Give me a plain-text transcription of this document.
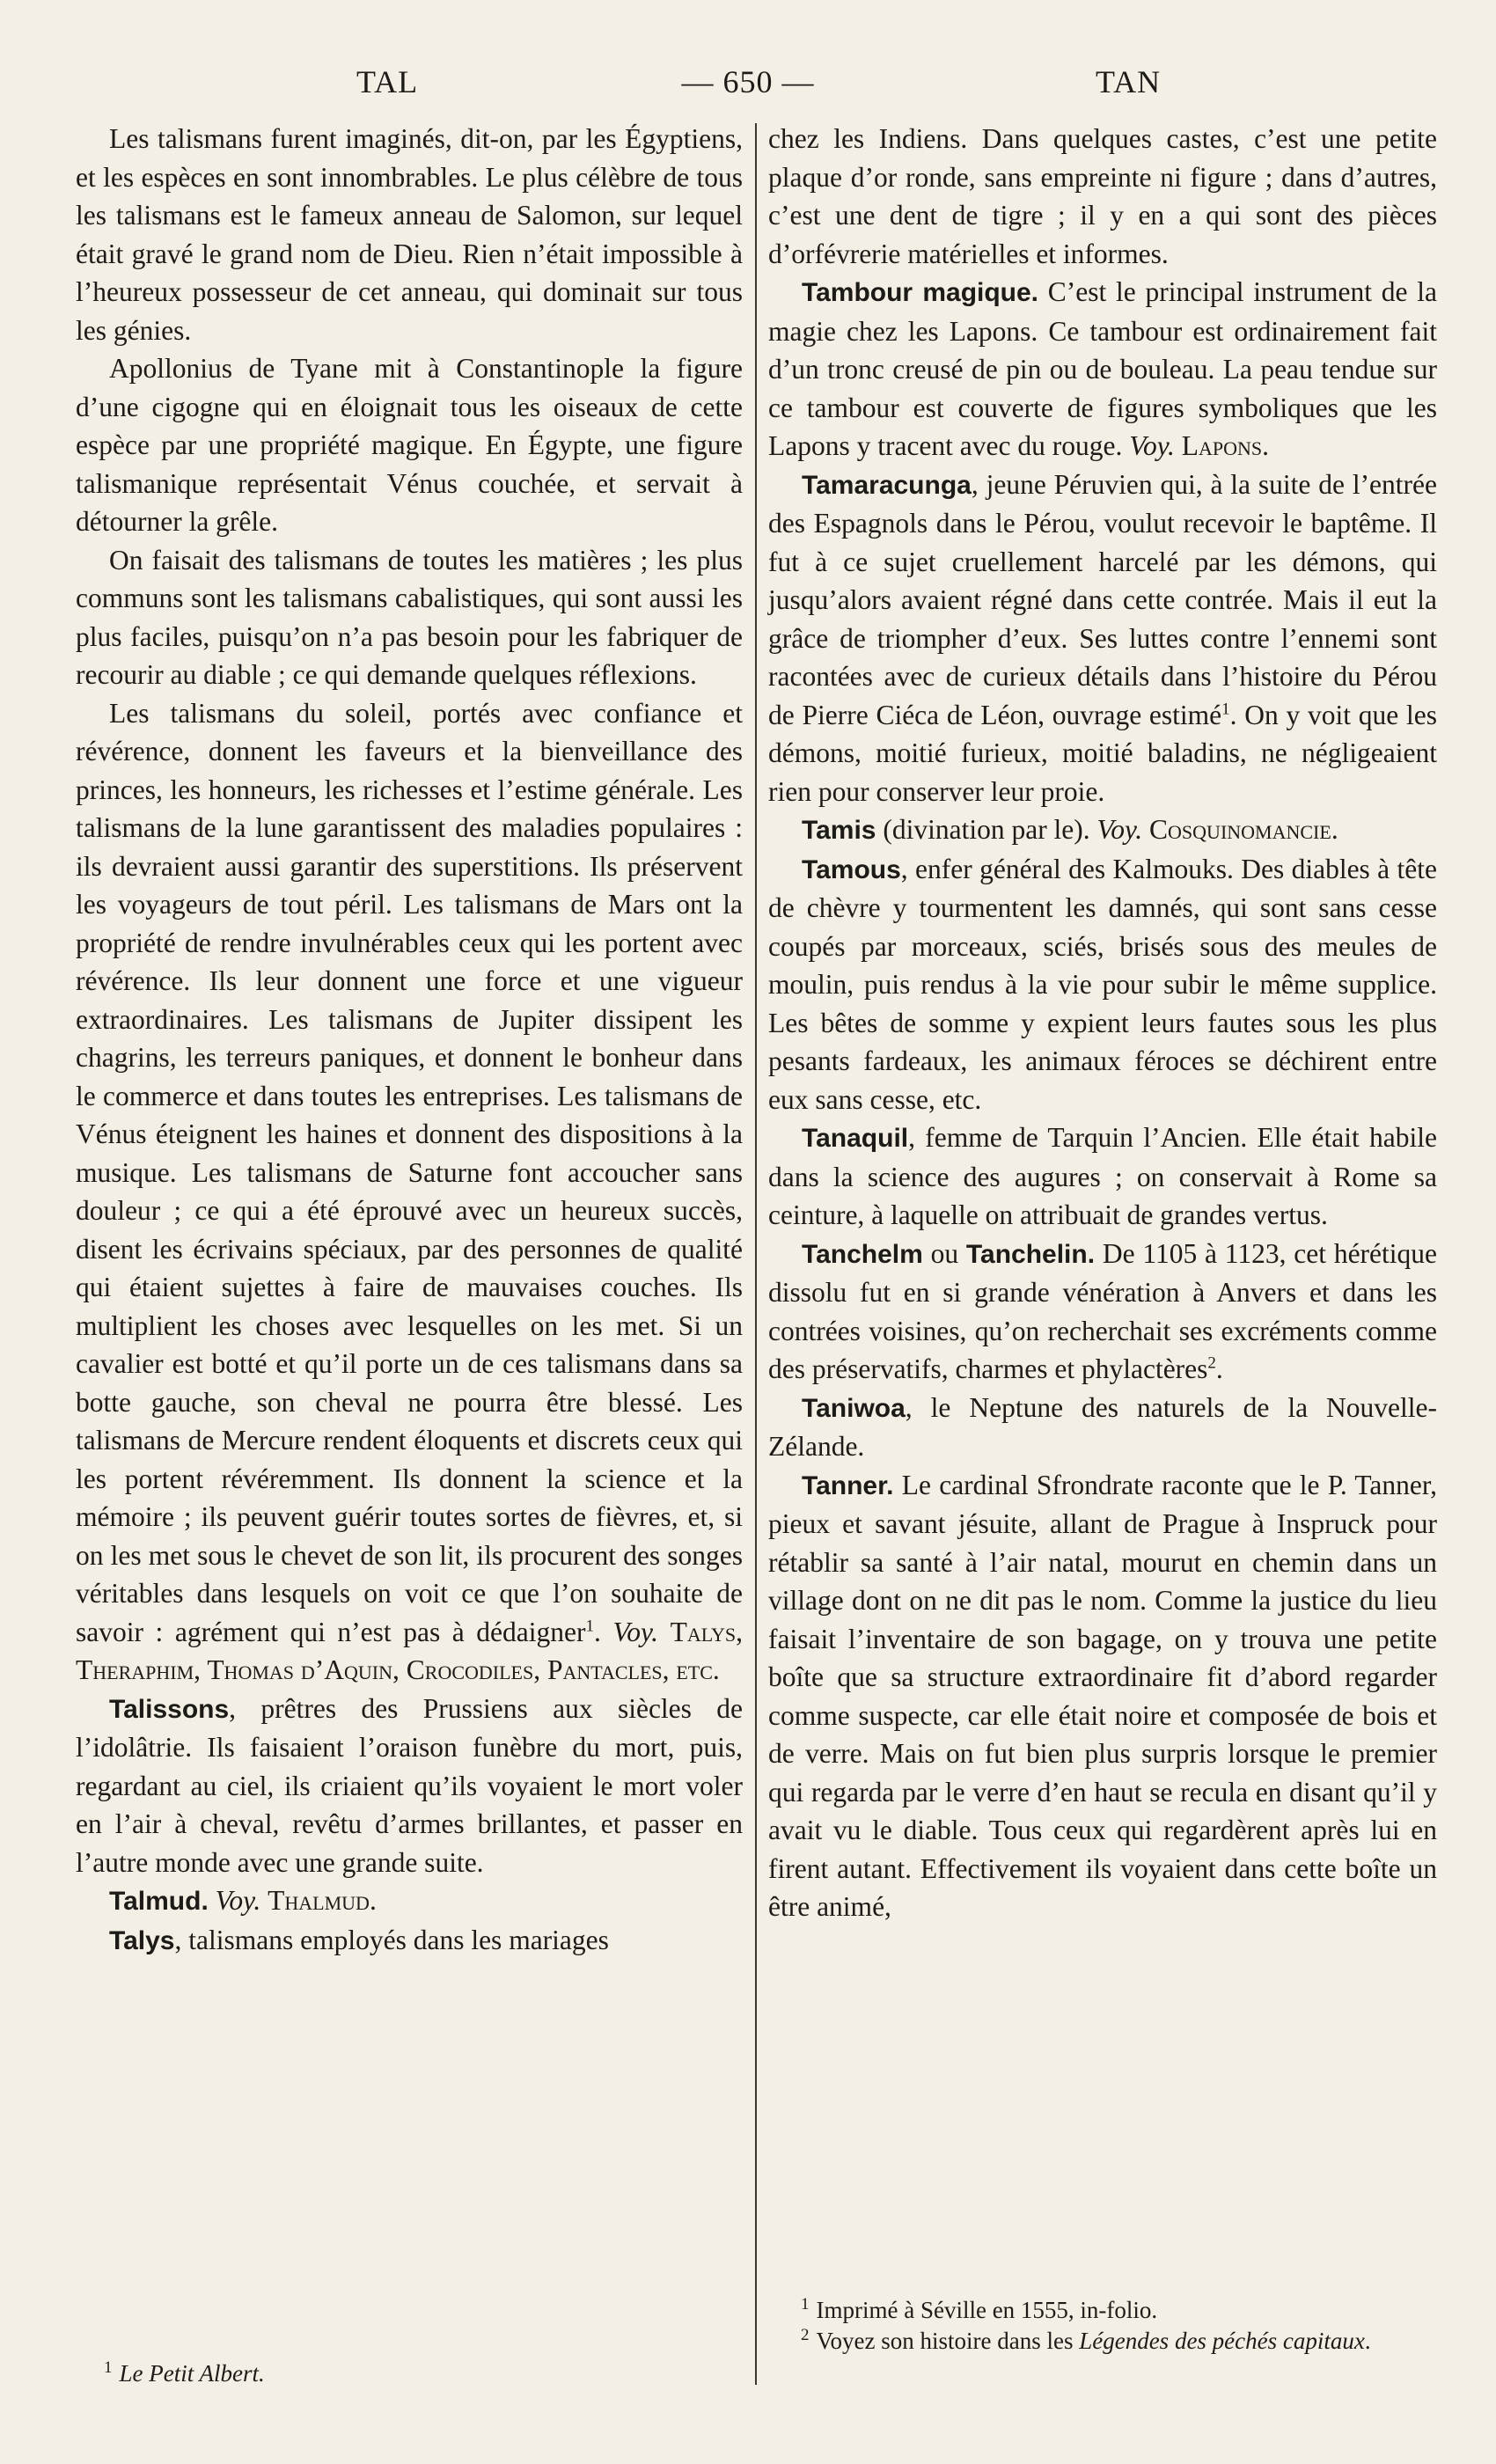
— 650 —
TAL	TAN

Les talismans furent imaginés, dit-on, par les Égyptiens, et les espèces en sont innombrables. Le plus célèbre de tous les talismans est le fameux anneau de Salomon, sur lequel était gravé le grand nom de Dieu. Rien n’était impossible à l’heureux possesseur de cet anneau, qui dominait sur tous les génies.

Apollonius de Tyane mit à Constantinople la figure d’une cigogne qui en éloignait tous les oiseaux de cette espèce par une propriété magique. En Égypte, une figure talismanique représentait Vénus couchée, et servait à détourner la grêle.

On faisait des talismans de toutes les matières ; les plus communs sont les talismans cabalistiques, qui sont aussi les plus faciles, puisqu’on n’a pas besoin pour les fabriquer de recourir au diable ; ce qui demande quelques réflexions.

Les talismans du soleil, portés avec confiance et révérence, donnent les faveurs et la bienveillance des princes, les honneurs, les richesses et l’estime générale. Les talismans de la lune garantissent des maladies populaires : ils devraient aussi garantir des superstitions. Ils préservent les voyageurs de tout péril. Les talismans de Mars ont la propriété de rendre invulnérables ceux qui les portent avec révérence. Ils leur donnent une force et une vigueur extraordinaires. Les talismans de Jupiter dissipent les chagrins, les terreurs paniques, et donnent le bonheur dans le commerce et dans toutes les entreprises. Les talismans de Vénus éteignent les haines et donnent des dispositions à la musique. Les talismans de Saturne font accoucher sans douleur ; ce qui a été éprouvé avec un heureux succès, disent les écrivains spéciaux, par des personnes de qualité qui étaient sujettes à faire de mauvaises couches. Ils multiplient les choses avec lesquelles on les met. Si un cavalier est botté et qu’il porte un de ces talismans dans sa botte gauche, son cheval ne pourra être blessé. Les talismans de Mercure rendent éloquents et discrets ceux qui les portent révéremment. Ils donnent la science et la mémoire ; ils peuvent guérir toutes sortes de fièvres, et, si on les met sous le chevet de son lit, ils procurent des songes véritables dans lesquels on voit ce que l’on souhaite de savoir : agrément qui n’est pas à dédaigner$^1$. Voy. Talys, Theraphim, Thomas d’Aquin, Crocodiles, Pantacles, etc.

Talissons, prêtres des Prussiens aux siècles de l’idolâtrie. Ils faisaient l’oraison funèbre du mort, puis, regardant au ciel, ils criaient qu’ils voyaient le mort voler en l’air à cheval, revêtu d’armes brillantes, et passer en l’autre monde avec une grande suite.

Talmud. Voy. Thalmud.

Talys, talismans employés dans les mariages

chez les Indiens. Dans quelques castes, c’est une petite plaque d’or ronde, sans empreinte ni figure ; dans d’autres, c’est une dent de tigre ; il y en a qui sont des pièces d’orfévrerie matérielles et informes.

Tambour magique. C’est le principal instrument de la magie chez les Lapons. Ce tambour est ordinairement fait d’un tronc creusé de pin ou de bouleau. La peau tendue sur ce tambour est couverte de figures symboliques que les Lapons y tracent avec du rouge. Voy. Lapons.

Tamaracunga, jeune Péruvien qui, à la suite de l’entrée des Espagnols dans le Pérou, voulut recevoir le baptême. Il fut à ce sujet cruellement harcelé par les démons, qui jusqu’alors avaient régné dans cette contrée. Mais il eut la grâce de triompher d’eux. Ses luttes contre l’ennemi sont racontées avec de curieux détails dans l’histoire du Pérou de Pierre Ciéca de Léon, ouvrage estimé$^1$. On y voit que les démons, moitié furieux, moitié baladins, ne négligeaient rien pour conserver leur proie.

Tamis (divination par le). Voy. Cosquinomancie.

Tamous, enfer général des Kalmouks. Des diables à tête de chèvre y tourmentent les damnés, qui sont sans cesse coupés par morceaux, sciés, brisés sous des meules de moulin, puis rendus à la vie pour subir le même supplice. Les bêtes de somme y expient leurs fautes sous les plus pesants fardeaux, les animaux féroces se déchirent entre eux sans cesse, etc.

Tanaquil, femme de Tarquin l’Ancien. Elle était habile dans la science des augures ; on conservait à Rome sa ceinture, à laquelle on attribuait de grandes vertus.

Tanchelm ou Tanchelin. De 1105 à 1123, cet hérétique dissolu fut en si grande vénération à Anvers et dans les contrées voisines, qu’on recherchait ses excréments comme des préservatifs, charmes et phylactères$^2$.

Taniwoa, le Neptune des naturels de la Nouvelle-Zélande.

Tanner. Le cardinal Sfrondrate raconte que le P. Tanner, pieux et savant jésuite, allant de Prague à Inspruck pour rétablir sa santé à l’air natal, mourut en chemin dans un village dont on ne dit pas le nom. Comme la justice du lieu faisait l’inventaire de son bagage, on y trouva une petite boîte que sa structure extraordinaire fit d’abord regarder comme suspecte, car elle était noire et composée de bois et de verre. Mais on fut bien plus surpris lorsque le premier qui regarda par le verre d’en haut se recula en disant qu’il y avait vu le diable. Tous ceux qui regardèrent après lui en firent autant. Effectivement ils voyaient dans cette boîte un être animé,

$^1$ Le Petit Albert.

$^1$ Imprimé à Séville en 1555, in-folio.

$^2$ Voyez son histoire dans les Légendes des péchés capitaux.
